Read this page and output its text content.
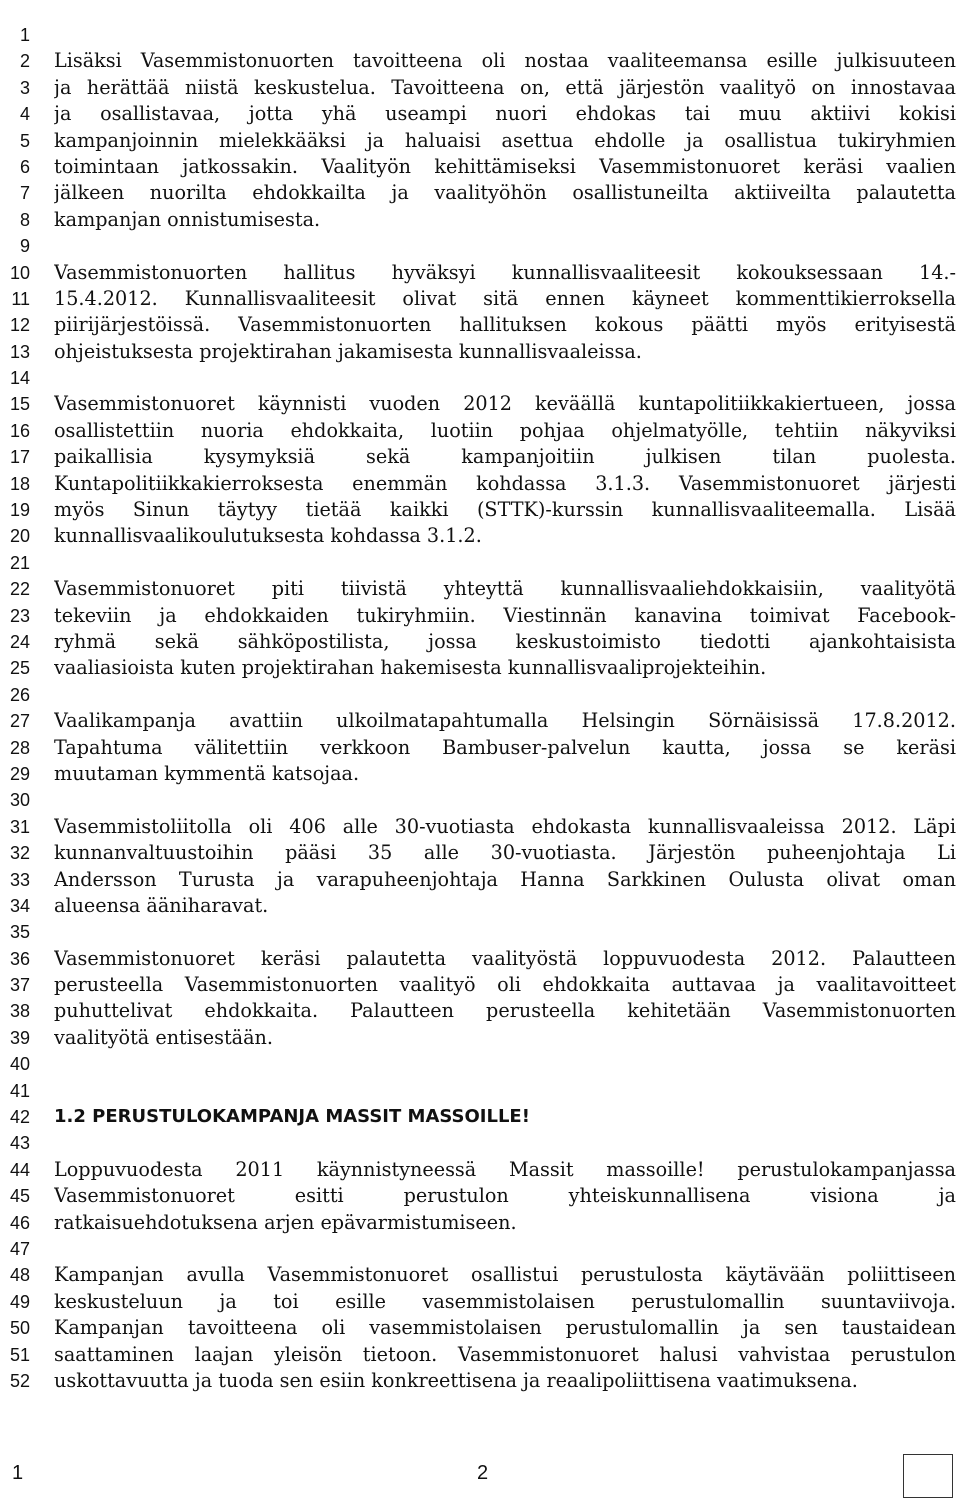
1
2
3
4
5
6
7
8
9
10
11
12
13
14
15
16
17
18
19
20
21
22
23
24
25
26
27
28
29
30
31
32
33
34
35
36
37
38
39
40
41
42
43
44
45
46
47
48
49
50
51
52
Lisäksi Vasemmistonuorten tavoitteena oli nostaa vaaliteemansa esille julkisuuteen
ja herättää niistä keskustelua. Tavoitteena on, että järjestön vaalityö on innostavaa
ja osallistavaa, jotta yhä useampi nuori ehdokas tai muu aktiivi kokisi
kampanjoinnin mielekkääksi ja haluaisi asettua ehdolle ja osallistua tukiryhmien
toimintaan jatkossakin. Vaalityön kehittämiseksi Vasemmistonuoret keräsi vaalien
jälkeen nuorilta ehdokkailta ja vaalityöhön osallistuneilta aktiiveilta palautetta
kampanjan onnistumisesta.
Vasemmistonuorten hallitus hyväksyi kunnallisvaaliteesit kokouksessaan 14.-
15.4.2012. Kunnallisvaaliteesit olivat sitä ennen käyneet kommenttikierroksella
piirijärjestöissä. Vasemmistonuorten hallituksen kokous päätti myös erityisestä
ohjeistuksesta projektirahan jakamisesta kunnallisvaaleissa.
Vasemmistonuoret käynnisti vuoden 2012 keväällä kuntapolitiikkakiertueen, jossa
osallistettiin nuoria ehdokkaita, luotiin pohjaa ohjelmatyölle, tehtiin näkyviksi
paikallisia kysymyksiä sekä kampanjoitiin julkisen tilan puolesta.
Kuntapolitiikkakierroksesta enemmän kohdassa 3.1.3. Vasemmistonuoret järjesti
myös Sinun täytyy tietää kaikki (STTK)-kurssin kunnallisvaaliteemalla. Lisää
kunnallisvaalikoulutuksesta kohdassa 3.1.2.
Vasemmistonuoret piti tiivistä yhteyttä kunnallisvaaliehdokkaisiin, vaalityötä
tekeviin ja ehdokkaiden tukiryhmiin. Viestinnän kanavina toimivat Facebook-
ryhmä sekä sähköpostilista, jossa keskustoimisto tiedotti ajankohtaisista
vaaliasioista kuten projektirahan hakemisesta kunnallisvaaliprojekteihin.
Vaalikampanja avattiin ulkoilmatapahtumalla Helsingin Sörnäisissä 17.8.2012.
Tapahtuma välitettiin verkkoon Bambuser-palvelun kautta, jossa se keräsi
muutaman kymmentä katsojaa.
Vasemmistoliitolla oli 406 alle 30-vuotiasta ehdokasta kunnallisvaaleissa 2012. Läpi
kunnanvaltuustoihin pääsi 35 alle 30-vuotiasta. Järjestön puheenjohtaja Li
Andersson Turusta ja varapuheenjohtaja Hanna Sarkkinen Oulusta olivat oman
alueensa ääniharavat.
Vasemmistonuoret keräsi palautetta vaalityöstä loppuvuodesta 2012. Palautteen
perusteella Vasemmistonuorten vaalityö oli ehdokkaita auttavaa ja vaalitavoitteet
puhuttelivat ehdokkaita. Palautteen perusteella kehitetään Vasemmistonuorten
vaalityötä entisestään.
1.2 PERUSTULOKAMPANJA MASSIT MASSOILLE!
Loppuvuodesta 2011 käynnistyneessä Massit massoille! perustulokampanjassa
Vasemmistonuoret esitti perustulon yhteiskunnallisena visiona ja
ratkaisuehdotuksena arjen epävarmistumiseen.
Kampanjan avulla Vasemmistonuoret osallistui perustulosta käytävään poliittiseen
keskusteluun ja toi esille vasemmistolaisen perustulomallin suuntaviivoja.
Kampanjan tavoitteena oli vasemmistolaisen perustulomallin ja sen taustaidean
saattaminen laajan yleisön tietoon. Vasemmistonuoret halusi vahvistaa perustulon
uskottavuutta ja tuoda sen esiin konkreettisena ja reaalipoliittisena vaatimuksena.
1	2
